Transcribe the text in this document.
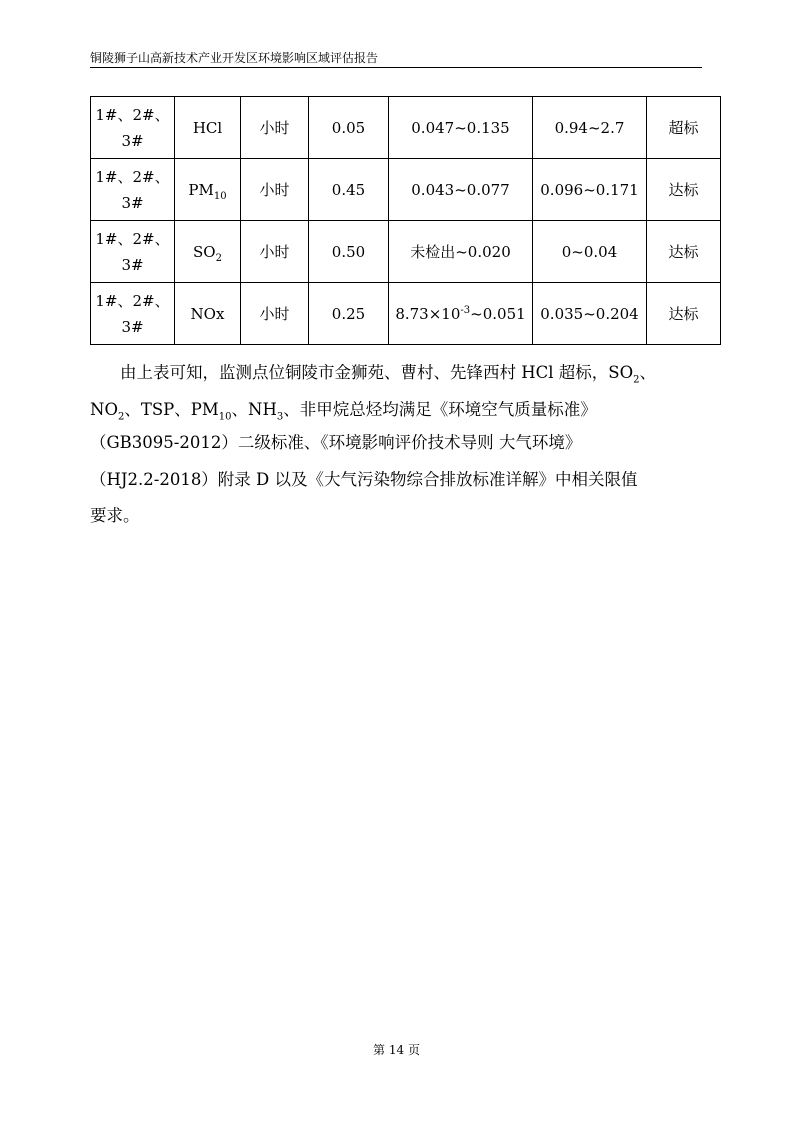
铜陵狮子山高新技术产业开发区环境影响区域评估报告
1#、2#、
3#	HCl	小时	0.05	0.047~0.135	0.94~2.7	超标
1#、2#、
3#	$PM_{10}$	小时	0.45	0.043~0.077	0.096~0.171	达标
1#、2#、
3#	$SO_2$	小时	0.50	未检出~0.020	0~0.04	达标
1#、2#、
3#	NOx	小时	0.25	$8.73\times 10^{-3}\sim 0.051$	0.035~0.204	达标
由上表可知，监测点位铜陵市金狮苑、曹村、先锋西村 HCl 超标，$SO_2$、
$NO_2$、TSP、$PM_{10}$、$NH_3$、非甲烷总烃均满足《环境空气质量标准》
（GB3095-2012）二级标准、《环境影响评价技术导则 大气环境》
（HJ2.2-2018）附录 D 以及《大气污染物综合排放标准详解》中相关限值
要求。
第 14 页
